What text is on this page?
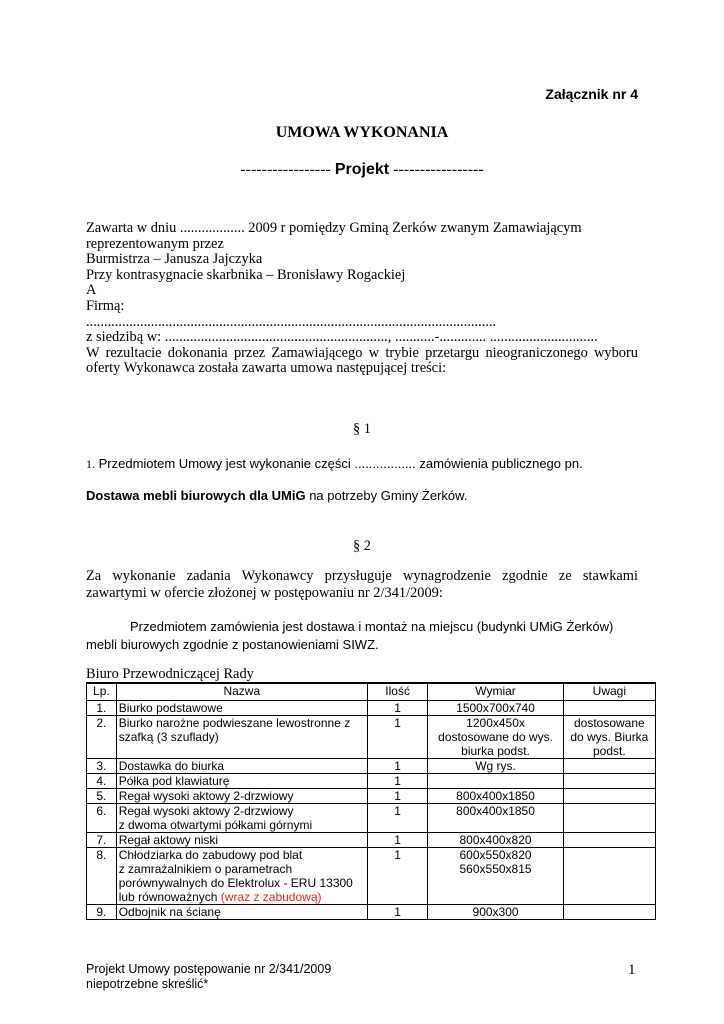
Załącznik nr 4
UMOWA WYKONANIA
----------------- Projekt -----------------
Zawarta w dniu .................. 2009 r pomiędzy Gminą Żerków zwanym Zamawiającym
reprezentowanym przez
Burmistrza – Janusza Jajczyka
Przy kontrasygnacie skarbnika – Bronisławy Rogackiej
A
Firmą:
..................................................................................................................
z siedzibą w: .............................................................., ...........-............. ..............................
W rezultacie dokonania przez Zamawiającego w trybie przetargu nieograniczonego wyboru oferty Wykonawca została zawarta umowa następującej treści:
§ 1
1. Przedmiotem Umowy jest wykonanie części ................. zamówienia publicznego pn.
Dostawa mebli biurowych dla UMiG na potrzeby Gminy Żerków.
§ 2
Za wykonanie zadania Wykonawcy przysługuje wynagrodzenie zgodnie ze stawkami zawartymi w ofercie złożonej w postępowaniu nr 2/341/2009:
Przedmiotem zamówienia jest dostawa i montaż na miejscu (budynki UMiG Żerków)
mebli biurowych zgodnie z postanowieniami SIWZ.
Biuro Przewodniczącej Rady
Lp.	Nazwa	Ilość	Wymiar	Uwagi
1.	Biurko podstawowe	1	1500x700x740	
2.	Biurko narożne podwieszane lewostronne z szafką (3 szuflady)	1	1200x450x dostosowane do wys. biurka podst.	dostosowane do wys. Biurka podst.
3.	Dostawka do biurka	1	Wg rys.	
4.	Półka pod klawiaturę	1		
5.	Regał wysoki aktowy 2-drzwiowy	1	800x400x1850	
6.	Regał wysoki aktowy 2-drzwiowy
z dwoma otwartymi półkami górnymi	1	800x400x1850	
7.	Regał aktowy niski	1	800x400x820	
8.	Chłodziarka do zabudowy pod blat
z zamrażalnikiem o parametrach porównywalnych do Elektrolux - ERU 13300 lub równoważnych (wraz z zabudową)	1	600x550x820
560x550x815	
9.	Odbojnik na ścianę	1	900x300	
Projekt Umowy postępowanie nr 2/341/2009
niepotrzebne skreślić*
1
